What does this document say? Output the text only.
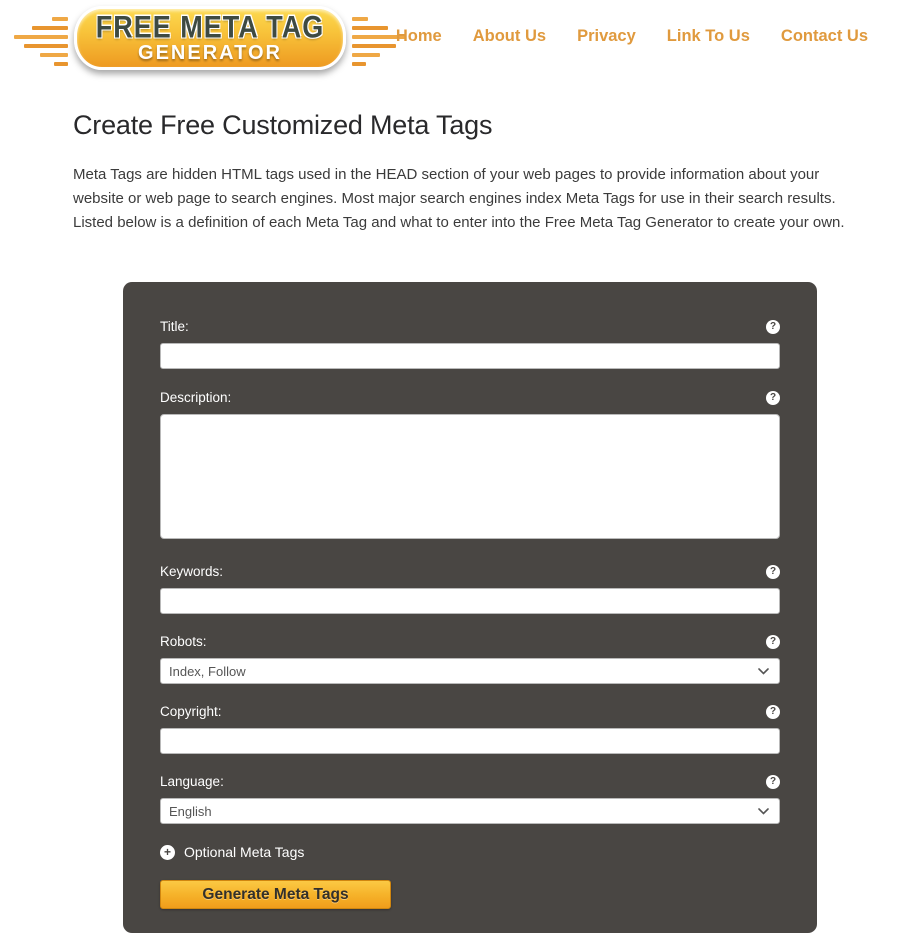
FREE META TAG
GENERATOR
Home About Us Privacy Link To Us Contact Us
Create Free Customized Meta Tags

Meta Tags are hidden HTML tags used in the HEAD section of your web pages to provide information about your website or web page to search engines. Most major search engines index Meta Tags for use in their search results. Listed below is a definition of each Meta Tag and what to enter into the Free Meta Tag Generator to create your own.

Title:	?
Description:	?
Keywords:	?
Robots:	?
Index, Follow
Copyright:	?
Language:	?
English
+ Optional Meta Tags
Generate Meta Tags
